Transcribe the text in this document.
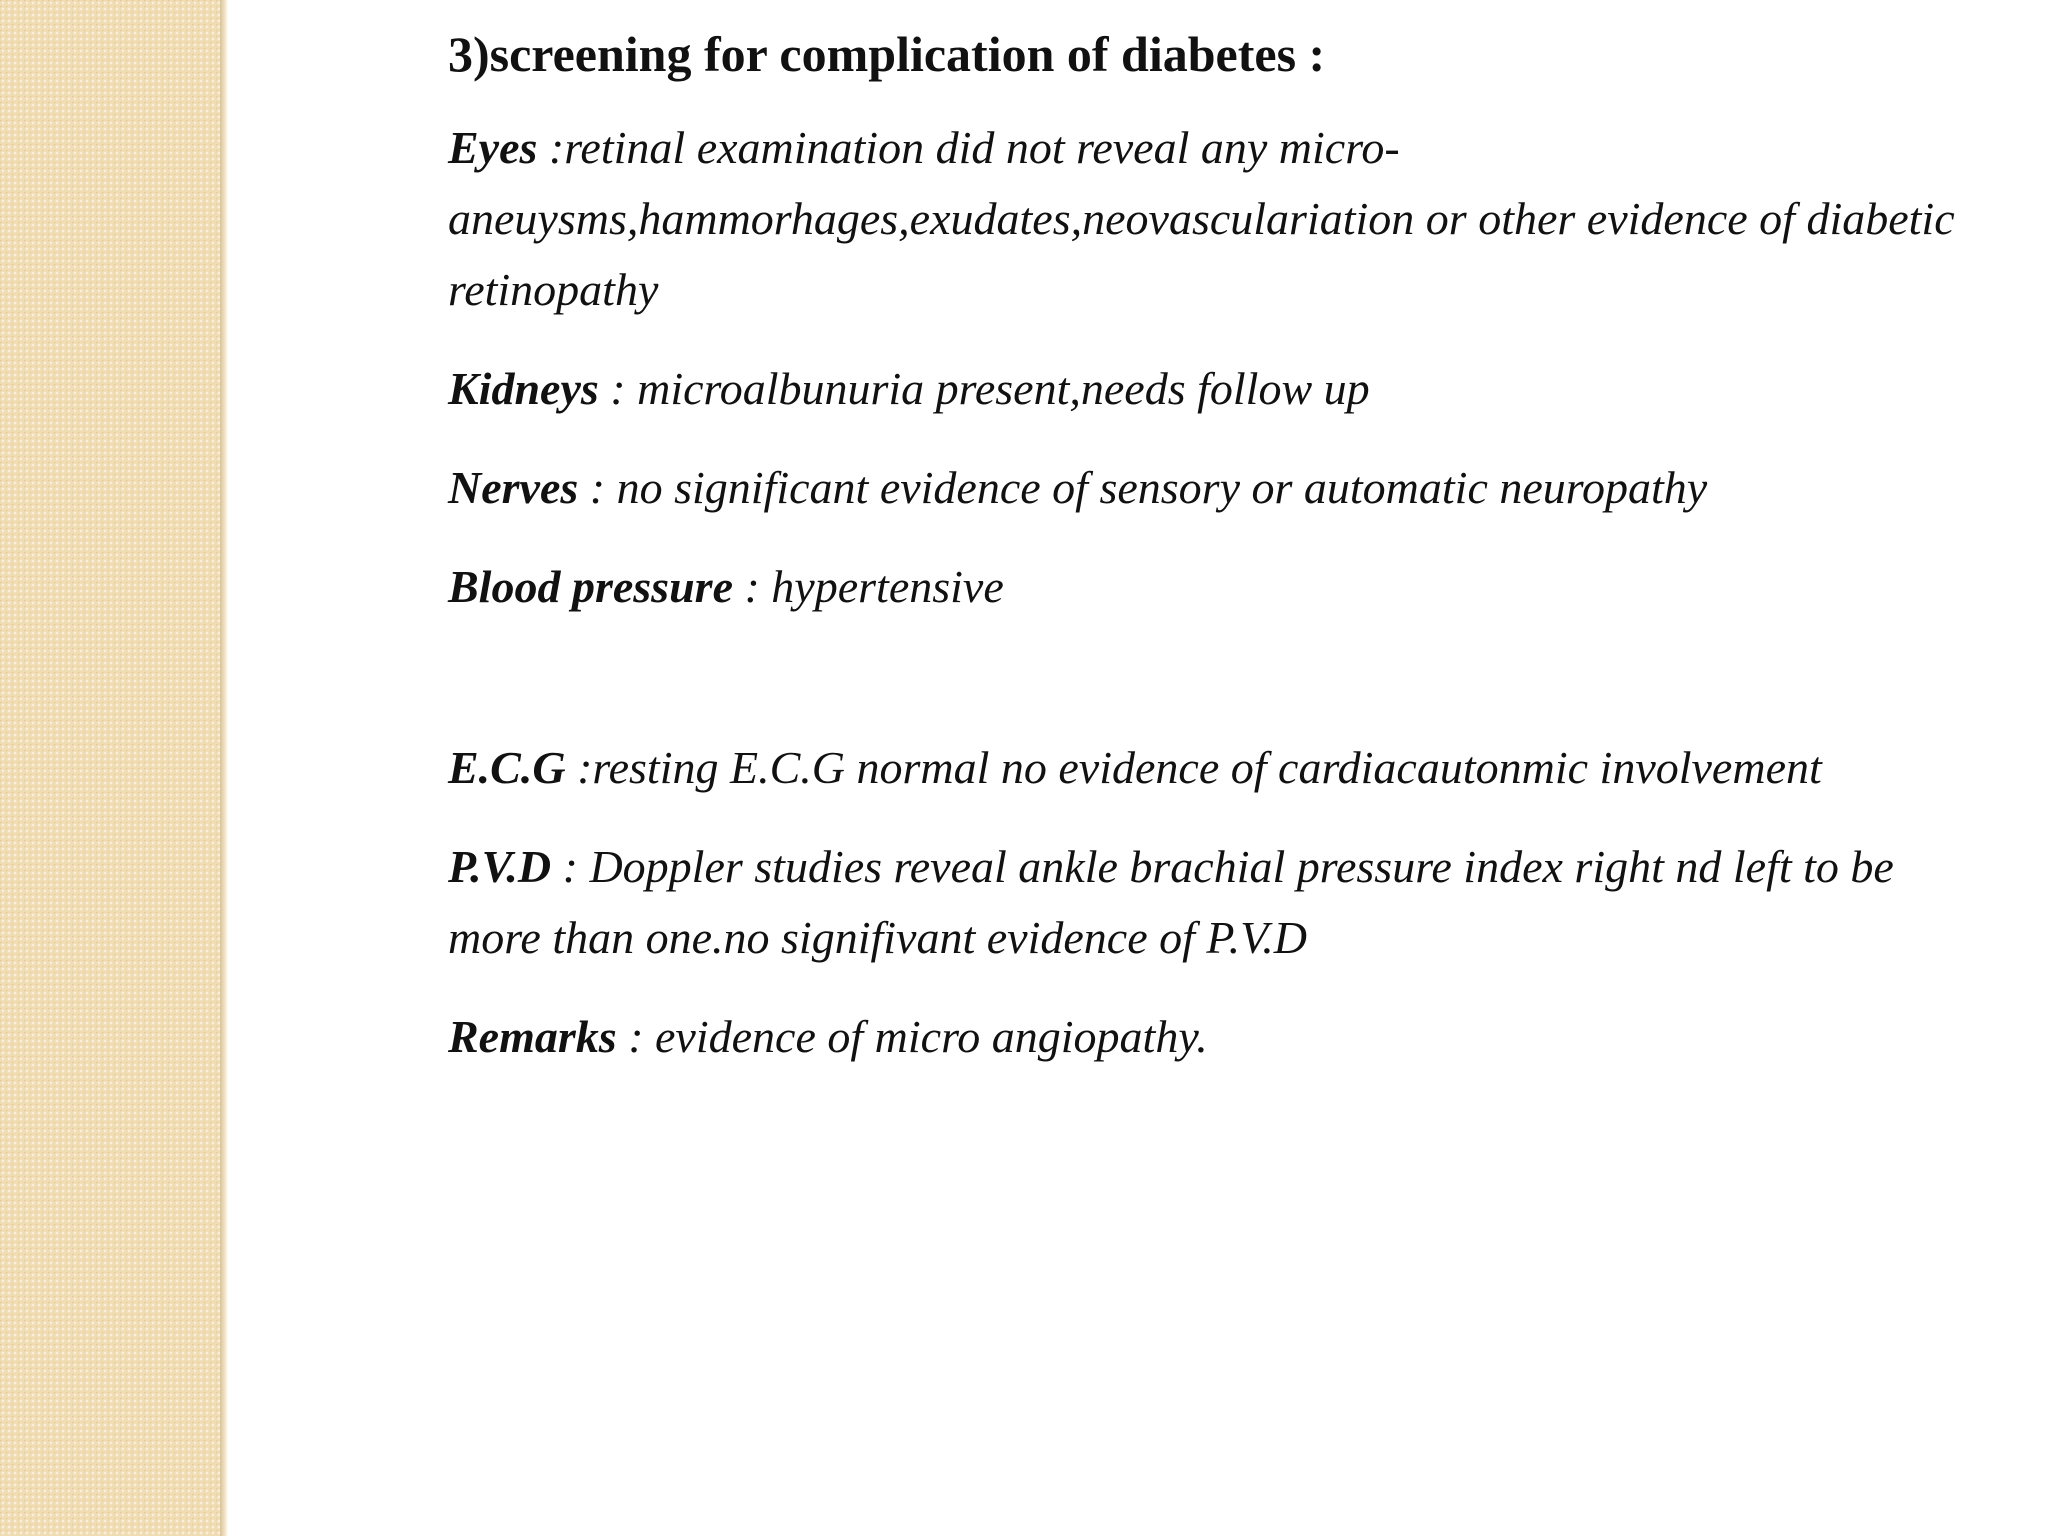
3)screening for complication of diabetes :
Eyes :retinal examination did not reveal any micro-aneuysms,hammorhages,exudates,neovasculariation or other evidence of diabetic retinopathy
Kidneys : microalbunuria present,needs follow up
Nerves : no significant evidence of sensory or automatic neuropathy
Blood pressure : hypertensive
E.C.G :resting E.C.G normal no evidence of cardiacautonmic involvement
P.V.D : Doppler studies reveal ankle brachial pressure index right nd left to be more than one.no signifivant evidence of P.V.D
Remarks : evidence of micro angiopathy.
